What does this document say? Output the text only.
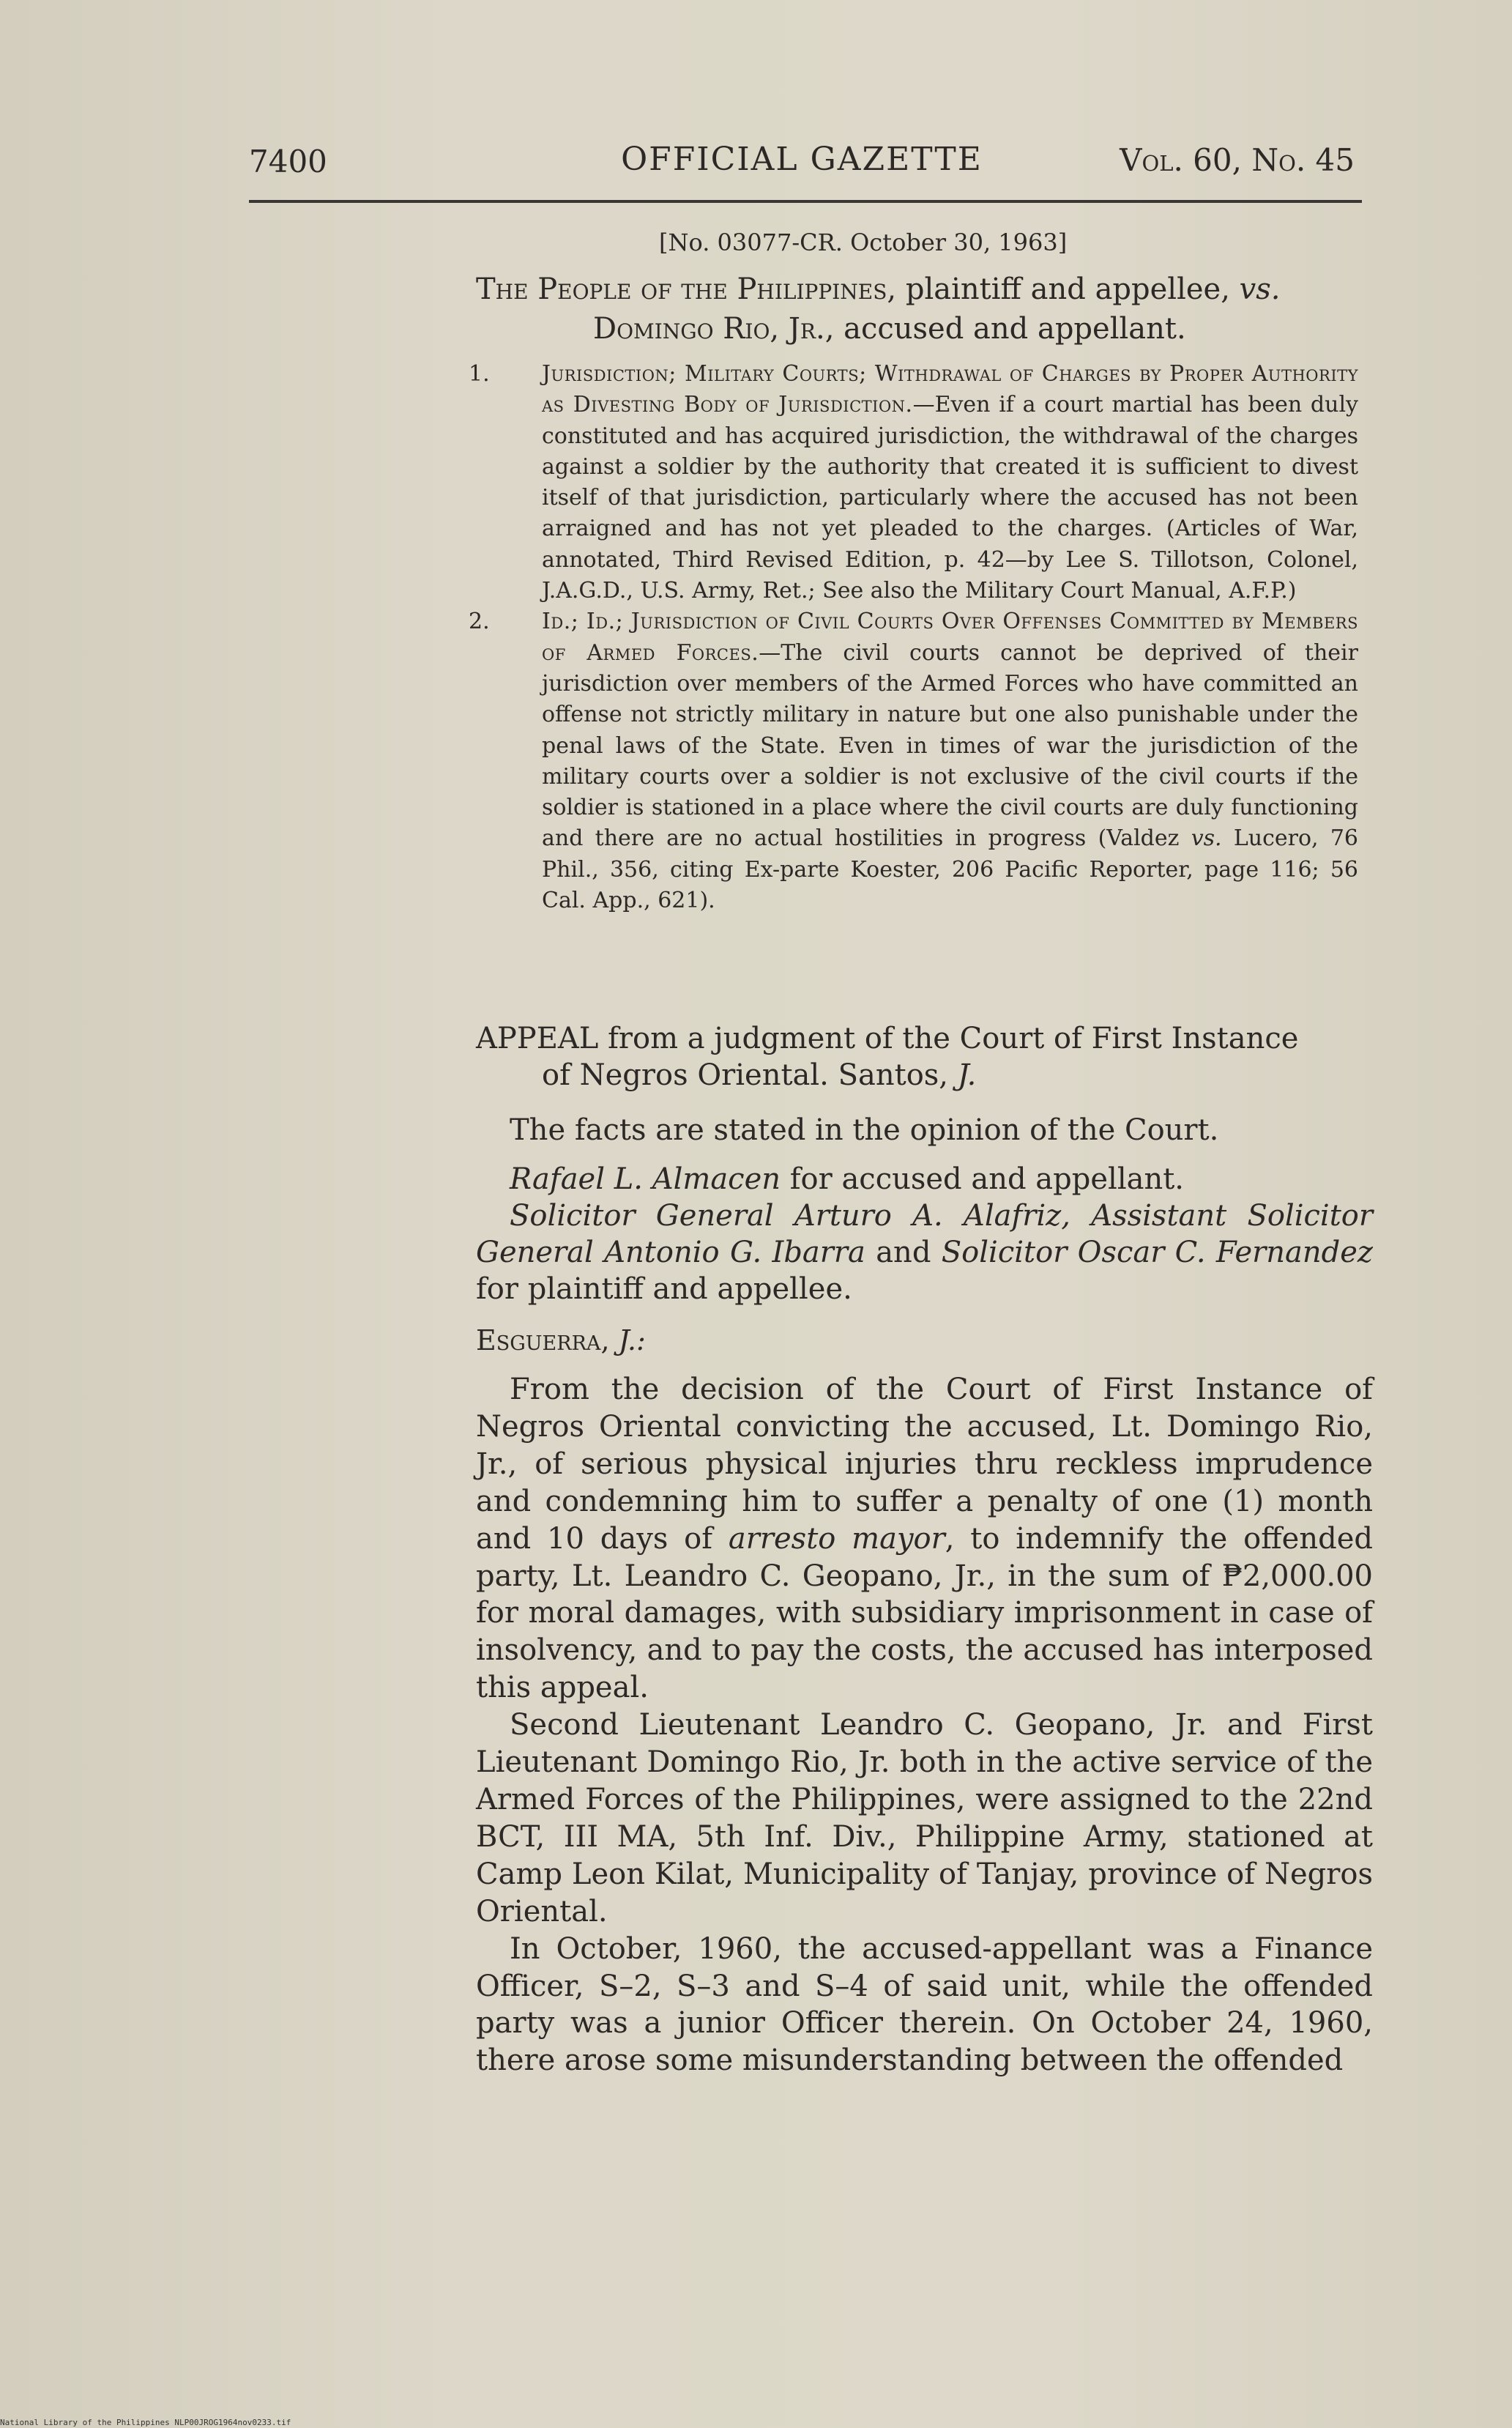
7400	OFFICIAL GAZETTE	Vol. 60, No. 45
[No. 03077-CR. October 30, 1963]
The People of the Philippines, plaintiff and appellee, vs.
Domingo Rio, Jr., accused and appellant.

1. Jurisdiction; Military Courts; Withdrawal of Charges by Proper Authority as Divesting Body of Jurisdiction.—Even if a court martial has been duly constituted and has acquired jurisdiction, the withdrawal of the charges against a soldier by the authority that created it is sufficient to divest itself of that jurisdiction, particularly where the accused has not been arraigned and has not yet pleaded to the charges. (Articles of War, annotated, Third Revised Edition, p. 42—by Lee S. Tillotson, Colonel, J.A.G.D., U.S. Army, Ret.; See also the Military Court Manual, A.F.P.)

2. Id.; Id.; Jurisdiction of Civil Courts Over Offenses Committed by Members of Armed Forces.—The civil courts cannot be deprived of their jurisdiction over members of the Armed Forces who have committed an offense not strictly military in nature but one also punishable under the penal laws of the State. Even in times of war the jurisdiction of the military courts over a soldier is not exclusive of the civil courts if the soldier is stationed in a place where the civil courts are duly functioning and there are no actual hostilities in progress (Valdez vs. Lucero, 76 Phil., 356, citing Ex-parte Koester, 206 Pacific Reporter, page 116; 56 Cal. App., 621).

APPEAL from a judgment of the Court of First Instance
of Negros Oriental. Santos, J.
The facts are stated in the opinion of the Court.

Rafael L. Almacen for accused and appellant.

Solicitor General Arturo A. Alafriz, Assistant Solicitor General Antonio G. Ibarra and Solicitor Oscar C. Fernandez for plaintiff and appellee.

Esguerra, J.:

From the decision of the Court of First Instance of Negros Oriental convicting the accused, Lt. Domingo Rio, Jr., of serious physical injuries thru reckless imprudence and condemning him to suffer a penalty of one (1) month and 10 days of arresto mayor, to indemnify the offended party, Lt. Leandro C. Geopano, Jr., in the sum of ₱2,000.00 for moral damages, with subsidiary imprisonment in case of insolvency, and to pay the costs, the accused has interposed this appeal.

Second Lieutenant Leandro C. Geopano, Jr. and First Lieutenant Domingo Rio, Jr. both in the active service of the Armed Forces of the Philippines, were assigned to the 22nd BCT, III MA, 5th Inf. Div., Philippine Army, stationed at Camp Leon Kilat, Municipality of Tanjay, province of Negros Oriental.

In October, 1960, the accused-appellant was a Finance Officer, S–2, S–3 and S–4 of said unit, while the offended party was a junior Officer therein. On October 24, 1960, there arose some misunderstanding between the offended

National Library of the Philippines NLP00JROG1964nov0233.tif
